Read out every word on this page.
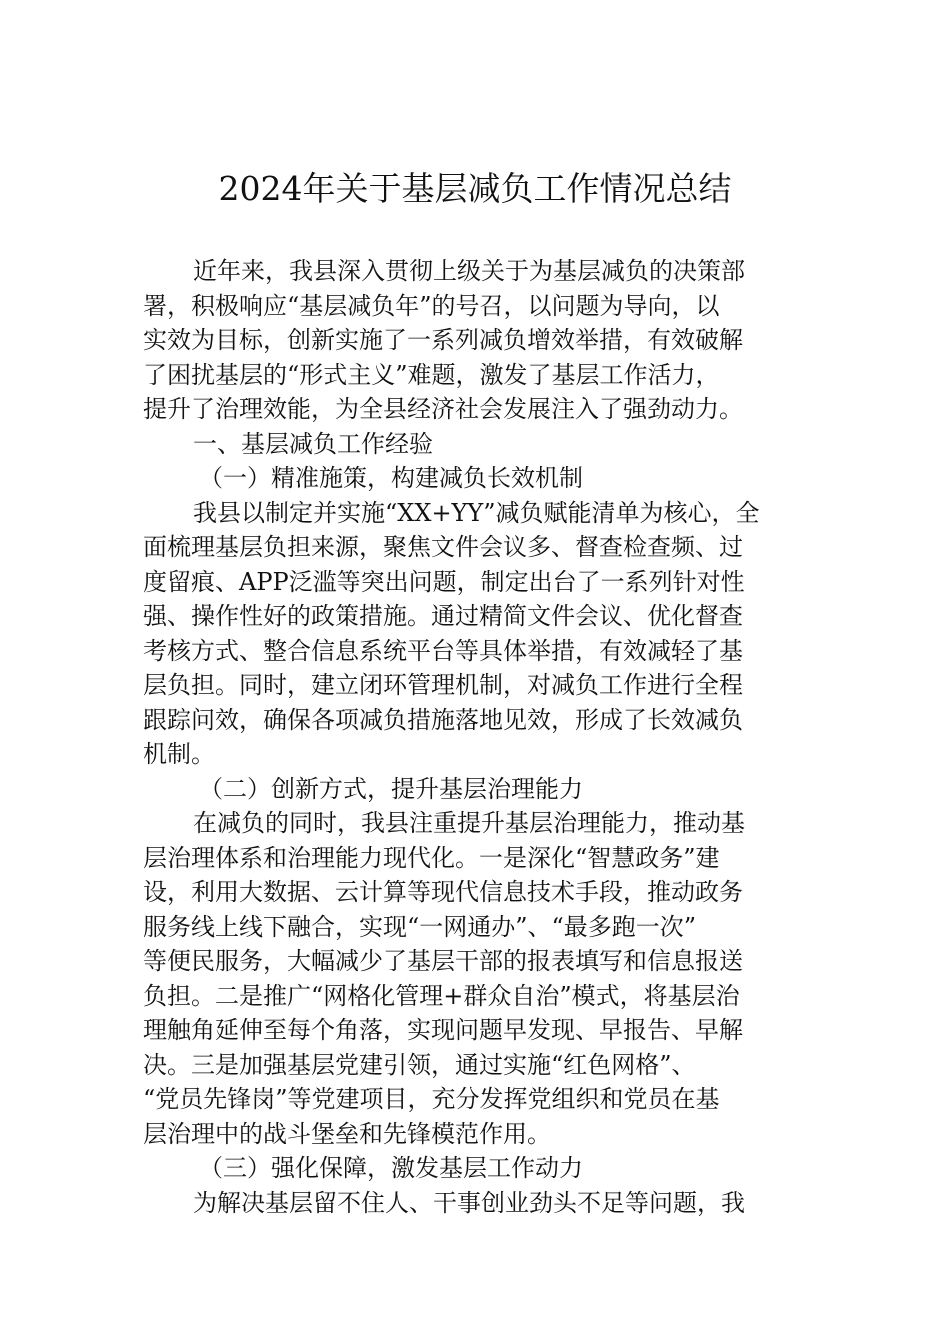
2024年关于基层减负工作情况总结
近年来，我县深入贯彻上级关于为基层减负的决策部
署，积极响应“基层减负年”的号召，以问题为导向，以
实效为目标，创新实施了一系列减负增效举措，有效破解
了困扰基层的“形式主义”难题，激发了基层工作活力，
提升了治理效能，为全县经济社会发展注入了强劲动力。
一、基层减负工作经验
（一）精准施策，构建减负长效机制
我县以制定并实施“XX+YY”减负赋能清单为核心，全
面梳理基层负担来源，聚焦文件会议多、督查检查频、过
度留痕、APP泛滥等突出问题，制定出台了一系列针对性
强、操作性好的政策措施。通过精简文件会议、优化督查
考核方式、整合信息系统平台等具体举措，有效减轻了基
层负担。同时，建立闭环管理机制，对减负工作进行全程
跟踪问效，确保各项减负措施落地见效，形成了长效减负
机制。
（二）创新方式，提升基层治理能力
在减负的同时，我县注重提升基层治理能力，推动基
层治理体系和治理能力现代化。一是深化“智慧政务”建
设，利用大数据、云计算等现代信息技术手段，推动政务
服务线上线下融合，实现“一网通办”、“最多跑一次”
等便民服务，大幅减少了基层干部的报表填写和信息报送
负担。二是推广“网格化管理+群众自治”模式，将基层治
理触角延伸至每个角落，实现问题早发现、早报告、早解
决。三是加强基层党建引领，通过实施“红色网格”、
“党员先锋岗”等党建项目，充分发挥党组织和党员在基
层治理中的战斗堡垒和先锋模范作用。
（三）强化保障，激发基层工作动力
为解决基层留不住人、干事创业劲头不足等问题，我
